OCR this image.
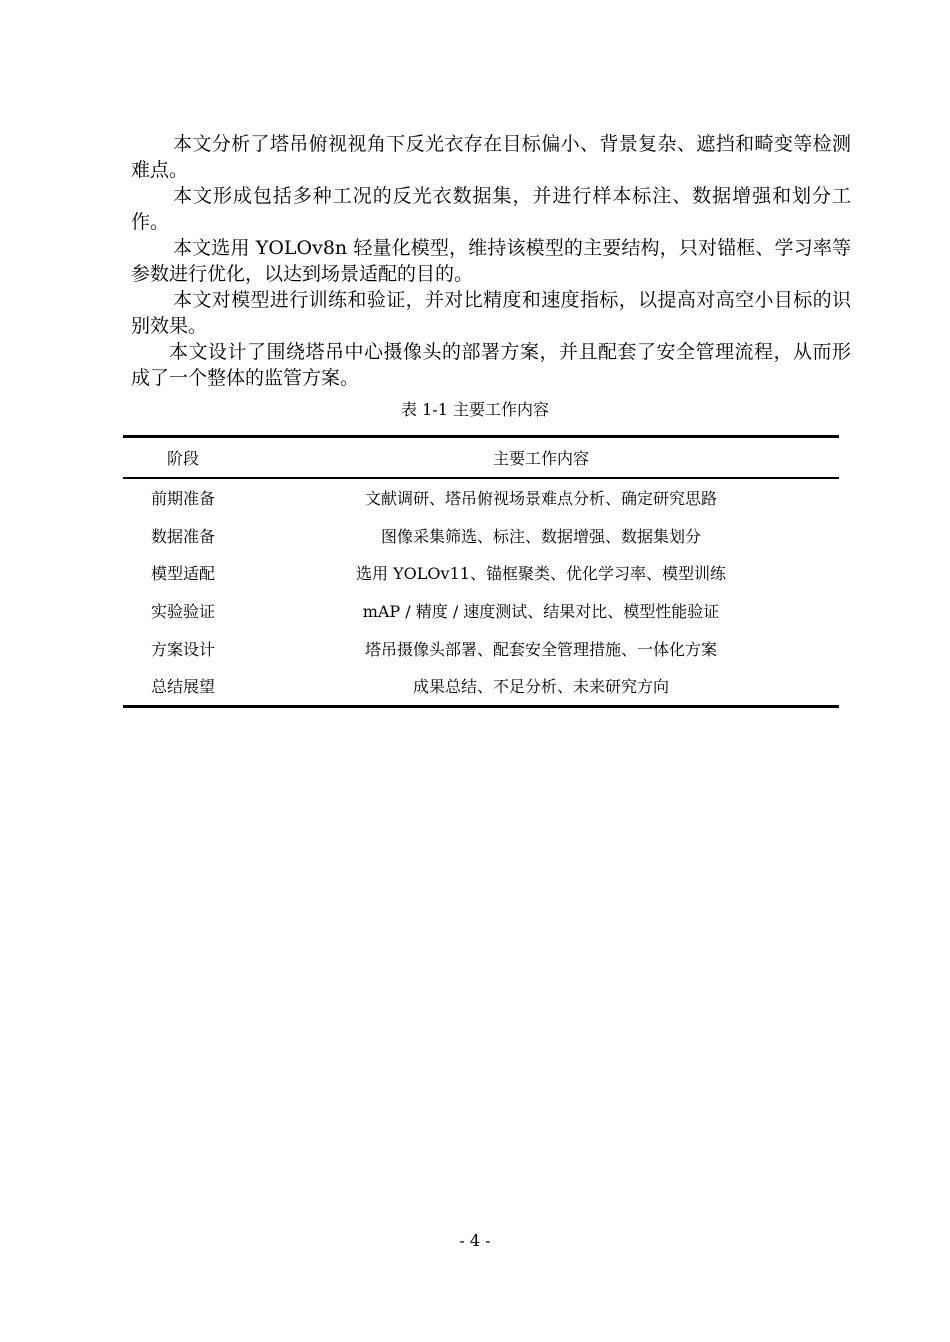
本文分析了塔吊俯视视角下反光衣存在目标偏小、背景复杂、遮挡和畸变等检测难点。

本文形成包括多种工况的反光衣数据集，并进行样本标注、数据增强和划分工作。

本文选用 YOLOv8n 轻量化模型，维持该模型的主要结构，只对锚框、学习率等参数进行优化，以达到场景适配的目的。

本文对模型进行训练和验证，并对比精度和速度指标，以提高对高空小目标的识别效果。

本文设计了围绕塔吊中心摄像头的部署方案，并且配套了安全管理流程，从而形成了一个整体的监管方案。

表 1-1 主要工作内容
阶段	主要工作内容
前期准备	文献调研、塔吊俯视场景难点分析、确定研究思路
数据准备	图像采集筛选、标注、数据增强、数据集划分
模型适配	选用 YOLOv11、锚框聚类、优化学习率、模型训练
实验验证	mAP / 精度 / 速度测试、结果对比、模型性能验证
方案设计	塔吊摄像头部署、配套安全管理措施、一体化方案
总结展望	成果总结、不足分析、未来研究方向
- 4 -
